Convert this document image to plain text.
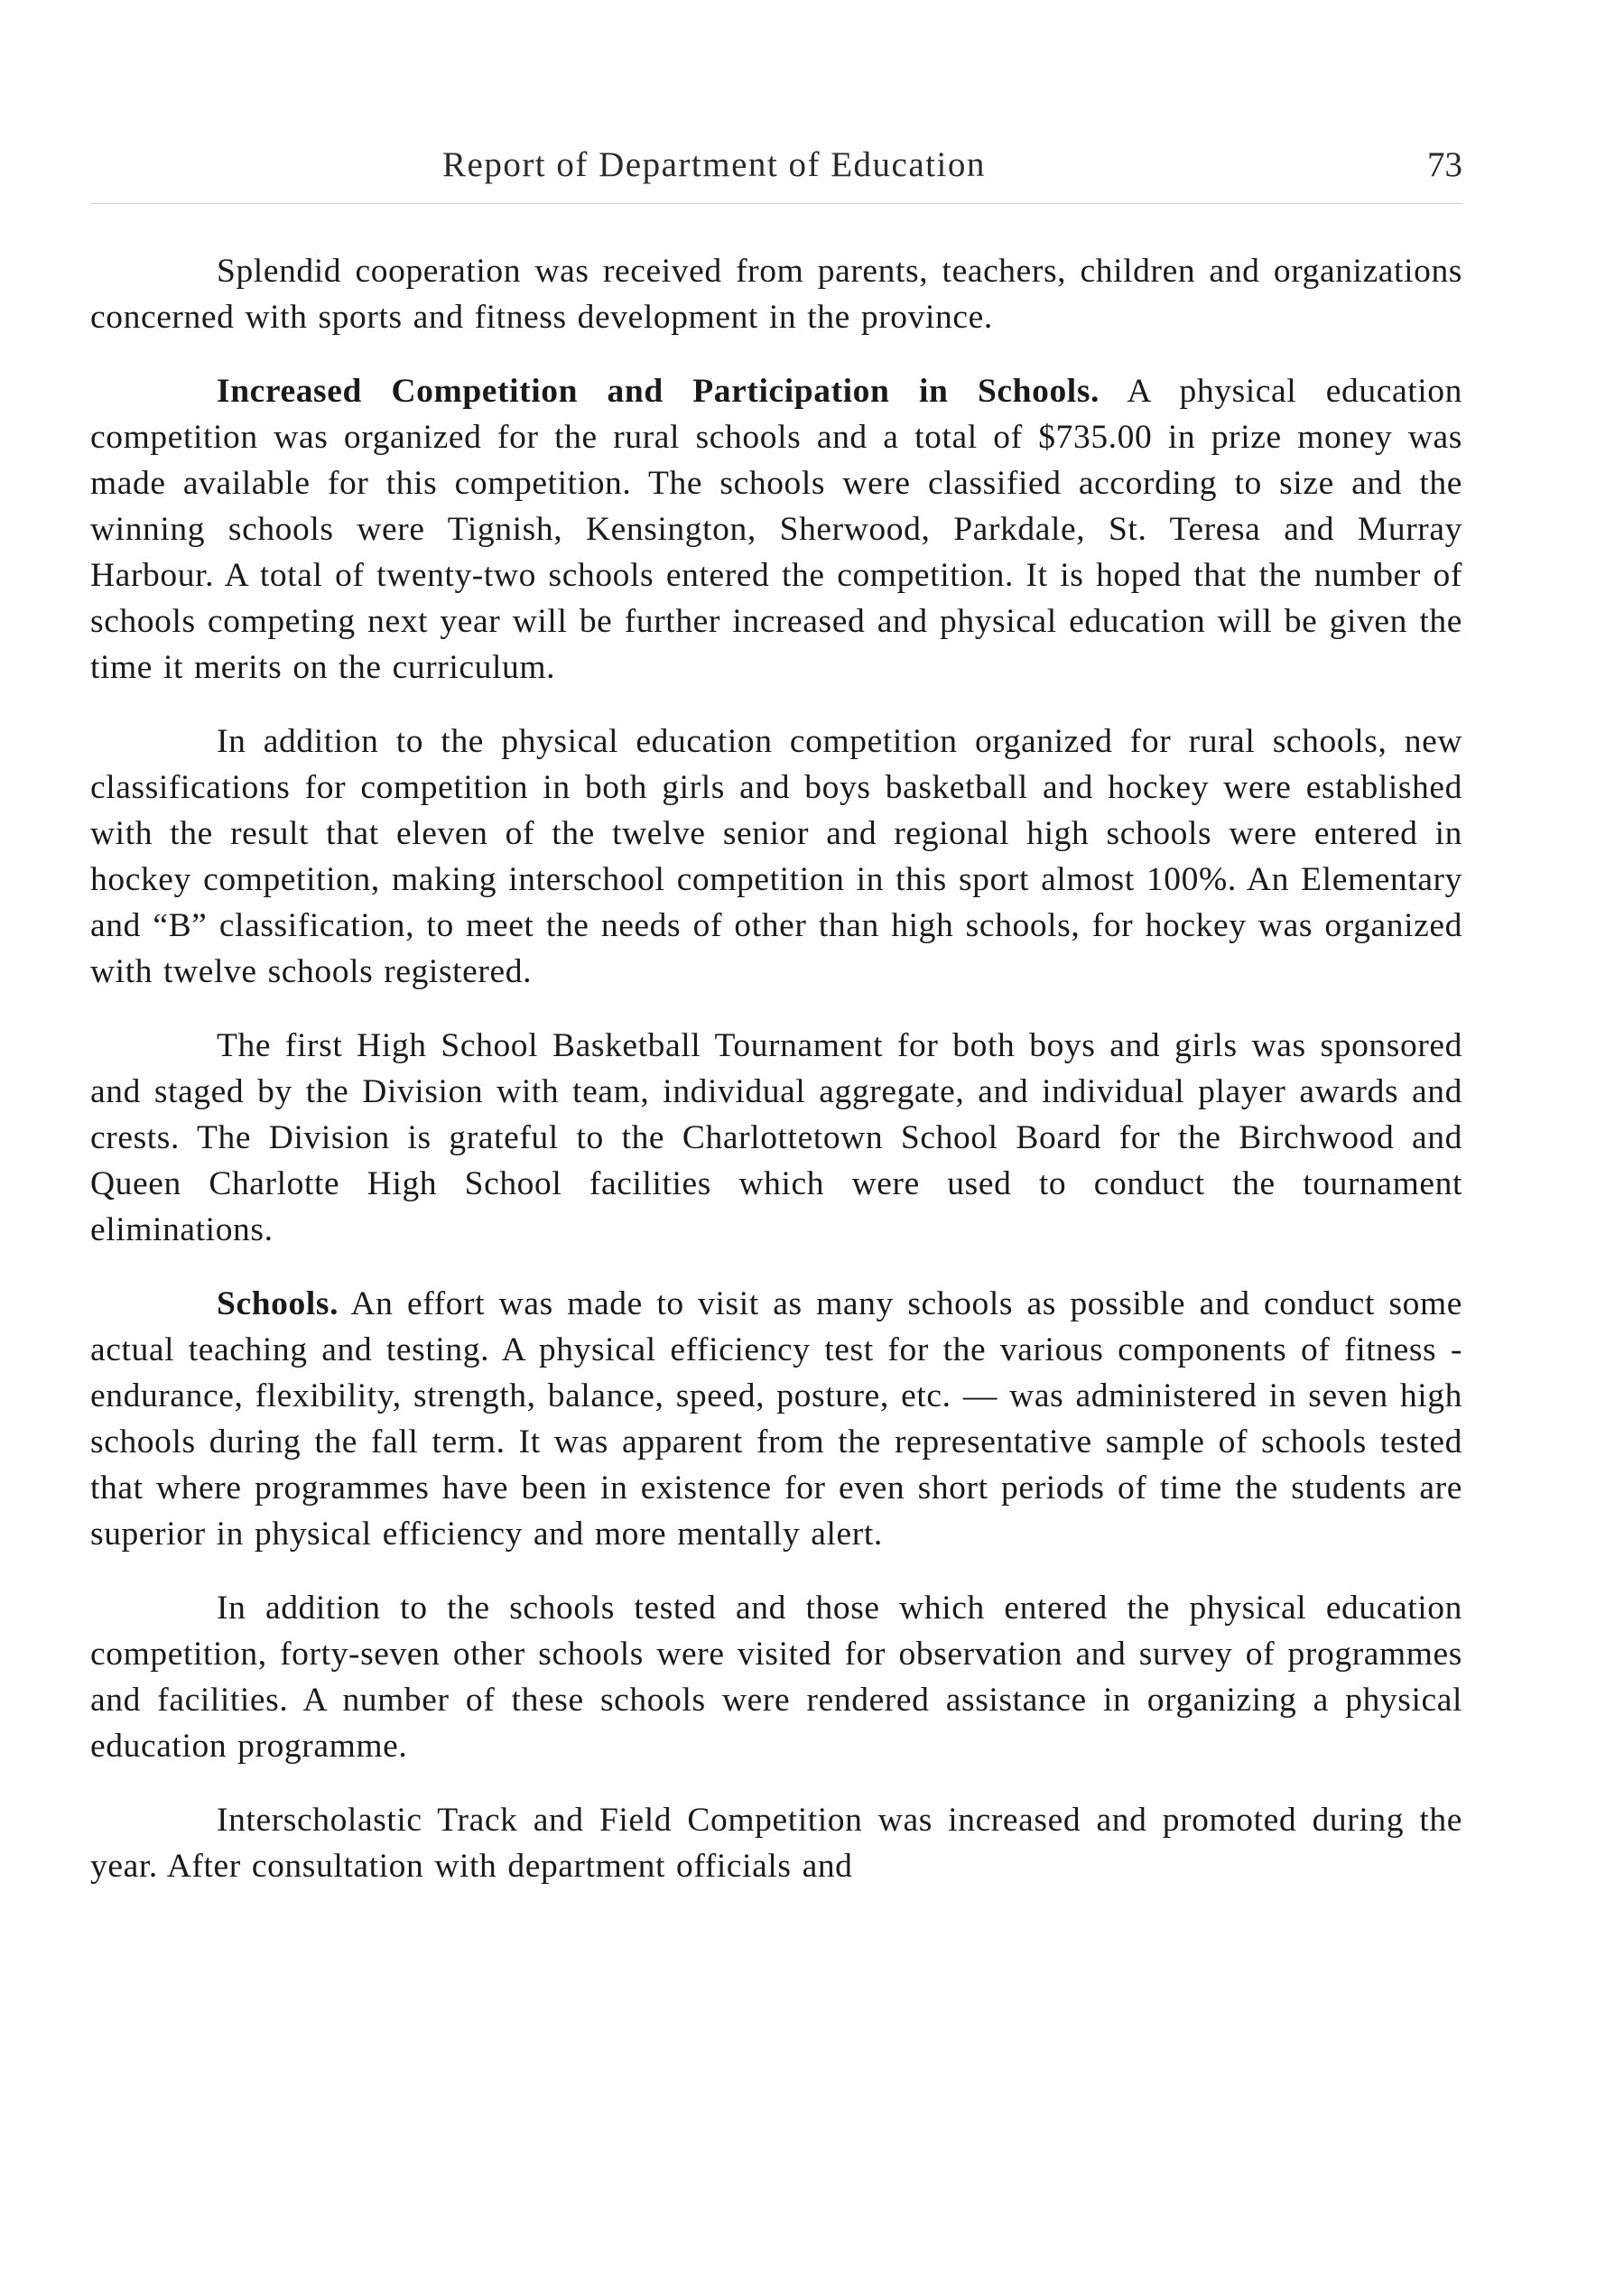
Report of Department of Education	73

Splendid cooperation was received from parents, teachers, children and organizations concerned with sports and fitness development in the province.

Increased Competition and Participation in Schools. A physical education competition was organized for the rural schools and a total of $735.00 in prize money was made available for this competition. The schools were classified according to size and the winning schools were Tignish, Kensington, Sherwood, Parkdale, St. Teresa and Murray Harbour. A total of twenty-two schools entered the competition. It is hoped that the number of schools competing next year will be further increased and physical education will be given the time it merits on the curriculum.

In addition to the physical education competition organized for rural schools, new classifications for competition in both girls and boys basketball and hockey were established with the result that eleven of the twelve senior and regional high schools were entered in hockey competition, making interschool competition in this sport almost 100%. An Elementary and “B” classification, to meet the needs of other than high schools, for hockey was organized with twelve schools registered.

The first High School Basketball Tournament for both boys and girls was sponsored and staged by the Division with team, individual aggregate, and individual player awards and crests. The Division is grateful to the Charlottetown School Board for the Birchwood and Queen Charlotte High School facilities which were used to conduct the tournament eliminations.

Schools. An effort was made to visit as many schools as possible and conduct some actual teaching and testing. A physical efficiency test for the various components of fitness - endurance, flexibility, strength, balance, speed, posture, etc. — was administered in seven high schools during the fall term. It was apparent from the representative sample of schools tested that where programmes have been in existence for even short periods of time the students are superior in physical efficiency and more mentally alert.

In addition to the schools tested and those which entered the physical education competition, forty-seven other schools were visited for observation and survey of programmes and facilities. A number of these schools were rendered assistance in organizing a physical education programme.

Interscholastic Track and Field Competition was increased and promoted during the year. After consultation with department officials and
